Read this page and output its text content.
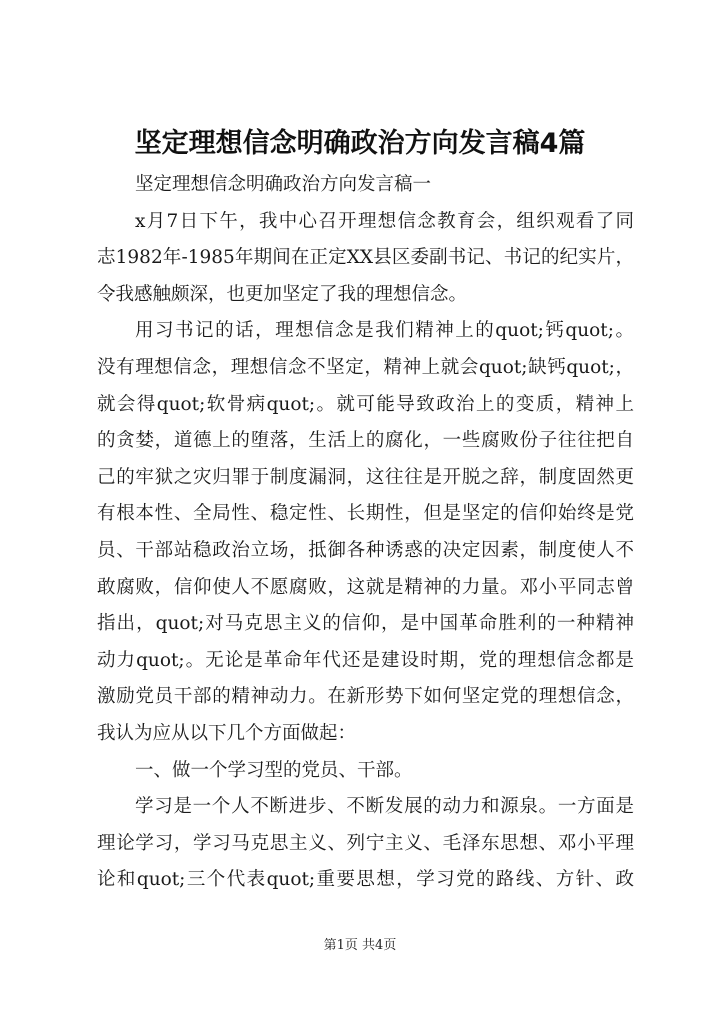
坚定理想信念明确政治方向发言稿4篇
坚定理想信念明确政治方向发言稿一
x月7日下午，我中心召开理想信念教育会，组织观看了同
志1982年-1985年期间在正定XX县区委副书记、书记的纪实片，
令我感触颇深，也更加坚定了我的理想信念。
用习书记的话，理想信念是我们精神上的quot;钙quot;。
没有理想信念，理想信念不坚定，精神上就会quot;缺钙quot;，
就会得quot;软骨病quot;。就可能导致政治上的变质，精神上
的贪婪，道德上的堕落，生活上的腐化，一些腐败份子往往把自
己的牢狱之灾归罪于制度漏洞，这往往是开脱之辞，制度固然更
有根本性、全局性、稳定性、长期性，但是坚定的信仰始终是党
员、干部站稳政治立场，抵御各种诱惑的决定因素，制度使人不
敢腐败，信仰使人不愿腐败，这就是精神的力量。邓小平同志曾
指出，quot;对马克思主义的信仰，是中国革命胜利的一种精神
动力quot;。无论是革命年代还是建设时期，党的理想信念都是
激励党员干部的精神动力。在新形势下如何坚定党的理想信念，
我认为应从以下几个方面做起：
一、做一个学习型的党员、干部。
学习是一个人不断进步、不断发展的动力和源泉。一方面是
理论学习，学习马克思主义、列宁主义、毛泽东思想、邓小平理
论和quot;三个代表quot;重要思想，学习党的路线、方针、政
第1页 共4页
